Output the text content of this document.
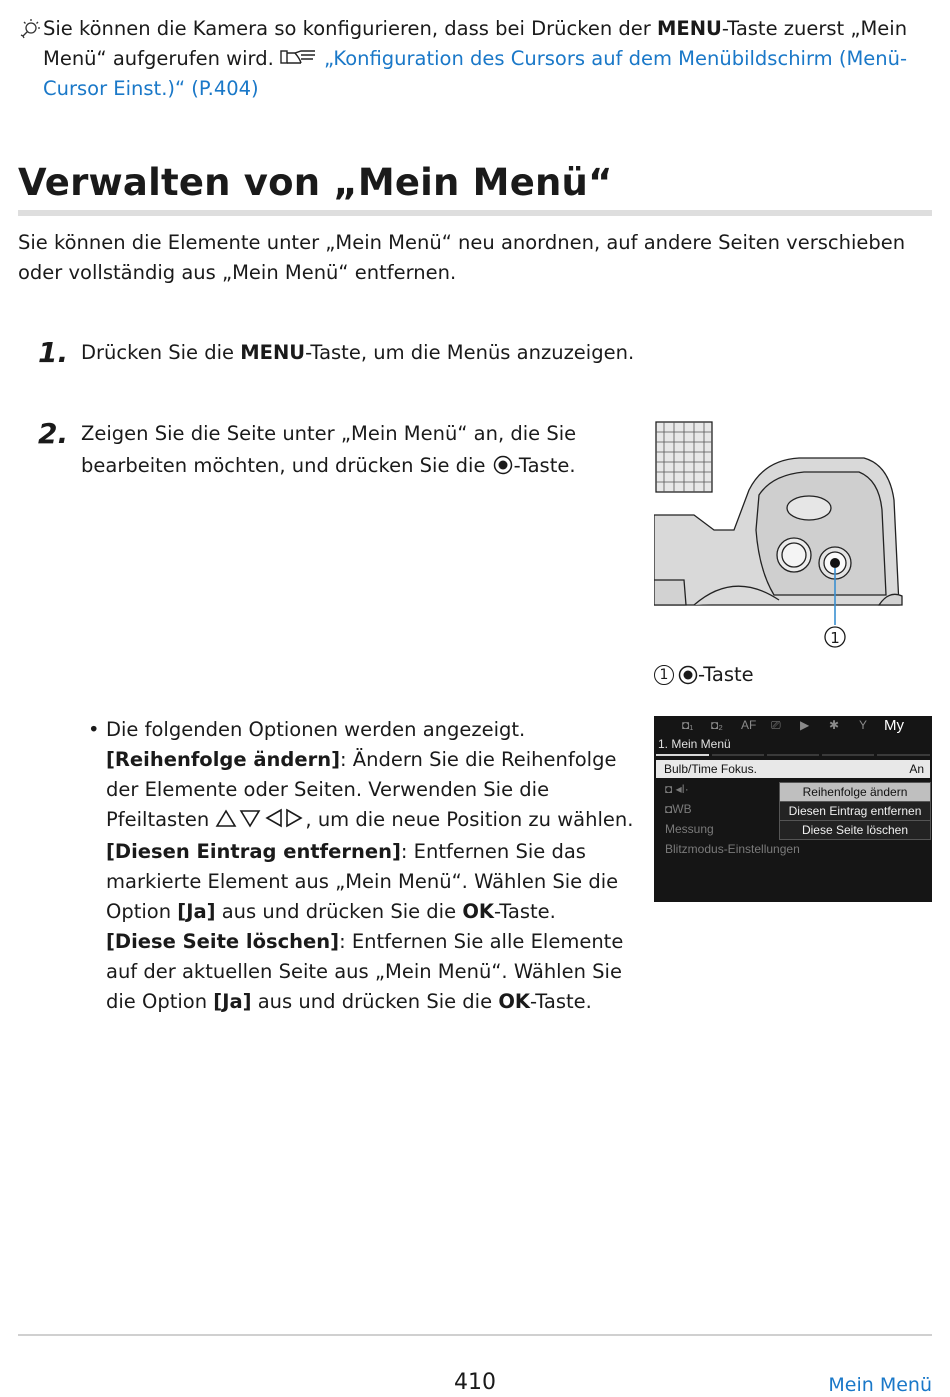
Sie können die Kamera so konfigurieren, dass bei Drücken der MENU-Taste zuerst „Mein Menü“ aufgerufen wird. „Konfiguration des Cursors auf dem Menübildschirm (Menü-Cursor Einst.)“ (P.404)
Verwalten von „Mein Menü“
Sie können die Elemente unter „Mein Menü“ neu anordnen, auf andere Seiten verschieben oder vollständig aus „Mein Menü“ entfernen.
1. Drücken Sie die MENU-Taste, um die Menüs anzuzeigen.
2. Zeigen Sie die Seite unter „Mein Menü“ an, die Sie bearbeiten möchten, und drücken Sie die -Taste.
1
1 -Taste
• Die folgenden Optionen werden angezeigt.
[Reihenfolge ändern]: Ändern Sie die Reihenfolge der Elemente oder Seiten. Verwenden Sie die Pfeiltasten	, um die neue Position zu wählen.
[Diesen Eintrag entfernen]: Entfernen Sie das markierte Element aus „Mein Menü“. Wählen Sie die Option [Ja] aus und drücken Sie die OK-Taste.
[Diese Seite löschen]: Entfernen Sie alle Elemente auf der aktuellen Seite aus „Mein Menü“. Wählen Sie die Option [Ja] aus und drücken Sie die OK-Taste.
◘₁ ◘₂ AF ⎚ ▶ ✱ Y My
1. Mein Menü
Bulb/Time Fokus.	An
◘ ◂ǀ·
◘WB
Messung
Blitzmodus-Einstellungen
Reihenfolge ändern
Diesen Eintrag entfernen
Diese Seite löschen
410	Mein Menü
